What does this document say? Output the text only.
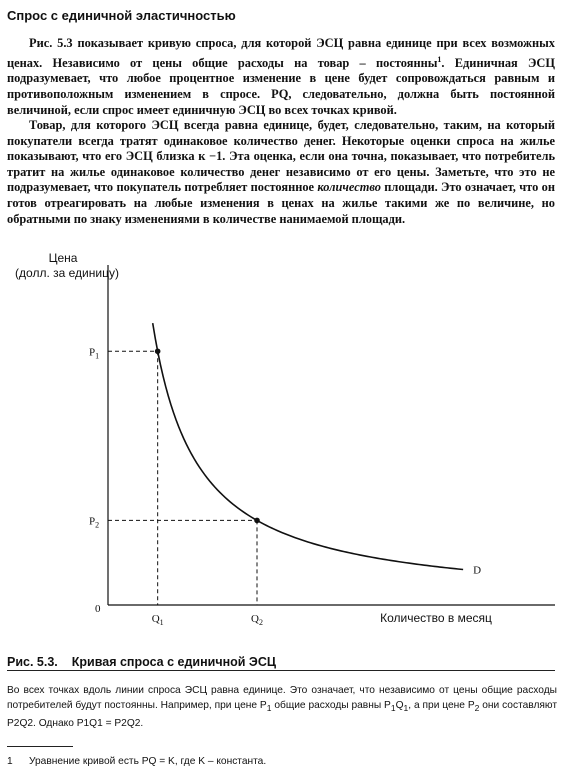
Спрос с единичной эластичностью

Рис. 5.3 показывает кривую спроса, для которой ЭСЦ равна единице при всех возможных ценах. Независимо от цены общие расходы на товар – постоянны$^1$. Единичная ЭСЦ подразумевает, что любое процентное изменение в цене будет сопровождаться равным и противоположным изменением в спросе. PQ, следовательно, должна быть постоянной величиной, если спрос имеет единичную ЭСЦ во всех точках кривой.

Товар, для которого ЭСЦ всегда равна единице, будет, следовательно, таким, на который покупатели всегда тратят одинаковое количество денег. Некоторые оценки спроса на жилье показывают, что его ЭСЦ близка к −1. Эта оценка, если она точна, показывает, что потребитель тратит на жилье одинаковое количество денег независимо от его цены. Заметьте, что это не подразумевает, что покупатель потребляет постоянное количество площади. Это означает, что он готов отреагировать на любые изменения в ценах на жилье такими же по величине, но обратными по знаку изменениями в количестве нанимаемой площади.

Цена
(долл. за единицу)
Количество в месяц
0
D
$P_1$
$Q_1$
$P_2$
$Q_2$
Рис. 5.3. Кривая спроса с единичной ЭСЦ
Во всех точках вдоль линии спроса ЭСЦ равна единице. Это означает, что независимо от цены общие расходы потребителей будут постоянны. Например, при цене $P_1$ общие расходы равны $P_1Q_1$, а при цене $P_2$ они составляют P2Q2. Однако P1Q1 = P2Q2.
1 Уравнение кривой есть PQ = K, где K – константа.
